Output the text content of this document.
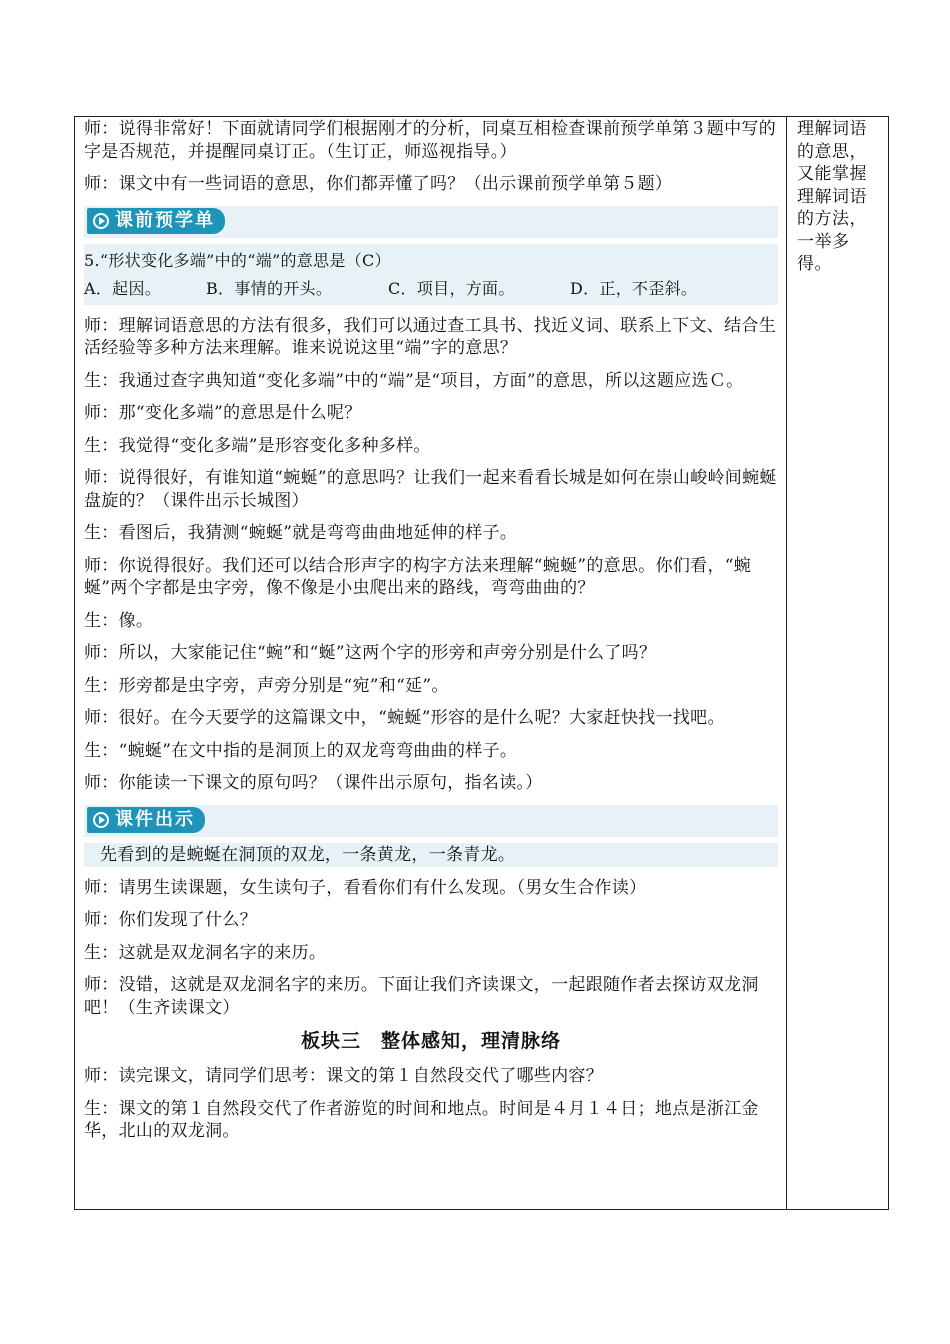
师：说得非常好！下面就请同学们根据刚才的分析，同桌互相检查课前预学单第３题中写的字是否规范，并提醒同桌订正。（生订正，师巡视指导。）

师：课文中有一些词语的意思，你们都弄懂了吗？（出示课前预学单第５题）

课前预学单
5.“形状变化多端”中的“端”的意思是（C）
A．起因。	B．事情的开头。	C．项目，方面。	D．正，不歪斜。

师：理解词语意思的方法有很多，我们可以通过查工具书、找近义词、联系上下文、结合生活经验等多种方法来理解。谁来说说这里“端”字的意思？

生：我通过查字典知道“变化多端”中的“端”是“项目，方面”的意思，所以这题应选Ｃ。

师：那“变化多端”的意思是什么呢？

生：我觉得“变化多端”是形容变化多种多样。

师：说得很好，有谁知道“蜿蜒”的意思吗？让我们一起来看看长城是如何在崇山峻岭间蜿蜒盘旋的？（课件出示长城图）

生：看图后，我猜测“蜿蜒”就是弯弯曲曲地延伸的样子。

师：你说得很好。我们还可以结合形声字的构字方法来理解“蜿蜒”的意思。你们看，“蜿蜒”两个字都是虫字旁，像不像是小虫爬出来的路线，弯弯曲曲的？

生：像。

师：所以，大家能记住“蜿”和“蜒”这两个字的形旁和声旁分别是什么了吗？

生：形旁都是虫字旁，声旁分别是“宛”和“延”。

师：很好。在今天要学的这篇课文中，“蜿蜒”形容的是什么呢？大家赶快找一找吧。

生：“蜿蜒”在文中指的是洞顶上的双龙弯弯曲曲的样子。

师：你能读一下课文的原句吗？（课件出示原句，指名读。）

课件出示
先看到的是蜿蜒在洞顶的双龙，一条黄龙，一条青龙。

师：请男生读课题，女生读句子，看看你们有什么发现。（男女生合作读）

师：你们发现了什么？

生：这就是双龙洞名字的来历。

师：没错，这就是双龙洞名字的来历。下面让我们齐读课文，一起跟随作者去探访双龙洞吧！（生齐读课文）

板块三　整体感知，理清脉络

师：读完课文，请同学们思考：课文的第１自然段交代了哪些内容？

生：课文的第１自然段交代了作者游览的时间和地点。时间是４月１４日；地点是浙江金华，北山的双龙洞。

理解词语的意思，又能掌握理解词语的方法，一举多得。
